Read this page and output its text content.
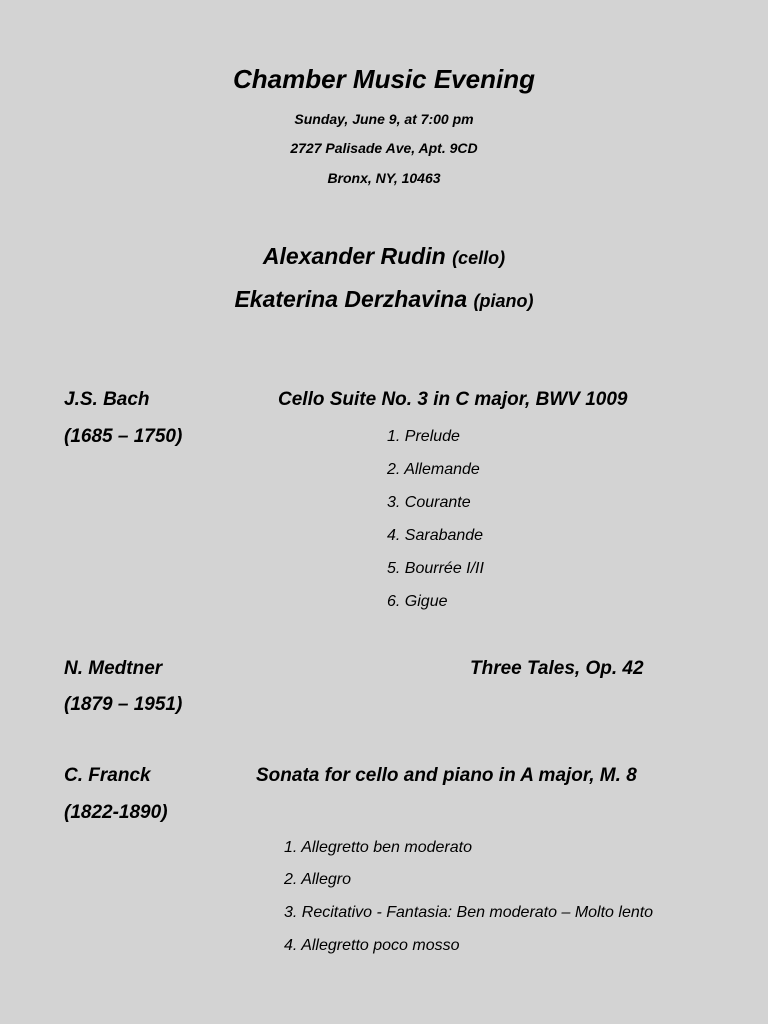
Chamber Music Evening
Sunday, June 9, at 7:00 pm
2727 Palisade Ave, Apt. 9CD
Bronx, NY, 10463
Alexander Rudin (cello)
Ekaterina Derzhavina (piano)
J.S. Bach
(1685 – 1750)
Cello Suite No. 3 in C major, BWV 1009
1. Prelude
2. Allemande
3. Courante
4. Sarabande
5. Bourrée I/II
6. Gigue
N. Medtner
(1879 – 1951)
Three Tales, Op. 42
C. Franck
(1822-1890)
Sonata for cello and piano in A major, M. 8
1. Allegretto ben moderato
2. Allegro
3. Recitativo - Fantasia: Ben moderato – Molto lento
4. Allegretto poco mosso
